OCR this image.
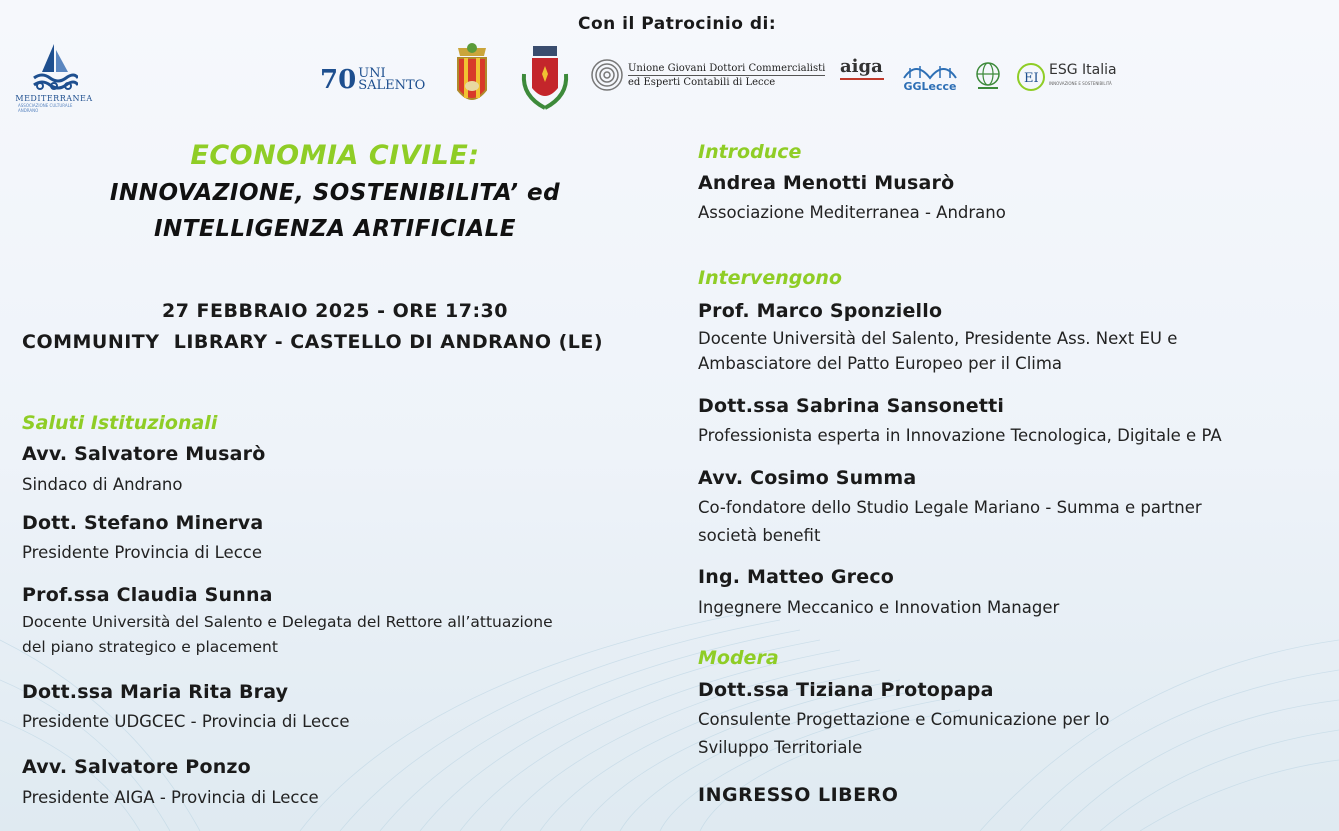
Con il Patrocinio di:
MEDITERRANEA
ASSOCIAZIONE CULTURALE ANDRANO
70 UNI
SALENTO
Unione Giovani Dottori Commercialisti
ed Esperti Contabili di Lecce
aiga
GGLecce
EI
ESG Italia
INNOVAZIONE E SOSTENIBILITÀ
ECONOMIA CIVILE:
INNOVAZIONE, SOSTENIBILITA’ ed
INTELLIGENZA ARTIFICIALE
27 FEBBRAIO 2025 - ORE 17:30
COMMUNITY  LIBRARY - CASTELLO DI ANDRANO (LE)
Saluti Istituzionali
Avv. Salvatore Musarò
Sindaco di Andrano
Dott. Stefano Minerva
Presidente Provincia di Lecce
Prof.ssa Claudia Sunna
Docente Università del Salento e Delegata del Rettore all’attuazione
del piano strategico e placement
Dott.ssa Maria Rita Bray
Presidente UDGCEC - Provincia di Lecce
Avv. Salvatore Ponzo
Presidente AIGA - Provincia di Lecce
Introduce
Andrea Menotti Musarò
Associazione Mediterranea - Andrano
Intervengono
Prof. Marco Sponziello
Docente Università del Salento, Presidente Ass. Next EU e
Ambasciatore del Patto Europeo per il Clima
Dott.ssa Sabrina Sansonetti
Professionista esperta in Innovazione Tecnologica, Digitale e PA
Avv. Cosimo Summa
Co-fondatore dello Studio Legale Mariano - Summa e partner
società benefit
Ing. Matteo Greco
Ingegnere Meccanico e Innovation Manager
Modera
Dott.ssa Tiziana Protopapa
Consulente Progettazione e Comunicazione per lo
Sviluppo Territoriale
INGRESSO LIBERO
